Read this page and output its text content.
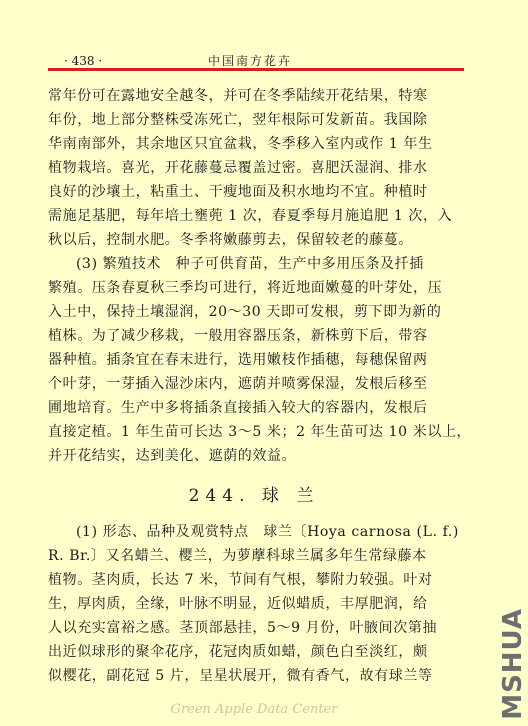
· 438 ·	中国南方花卉
常年份可在露地安全越冬，并可在冬季陆续开花结果，特寒
年份，地上部分整株受冻死亡，翌年根际可发新苗。我国除
华南南部外，其余地区只宜盆栽，冬季移入室内或作 1 年生
植物栽培。喜光，开花藤蔓忌覆盖过密。喜肥沃湿润、排水
良好的沙壤土，粘重土、干瘦地面及积水地均不宜。种植时
需施足基肥，每年培土壅蔸 1 次，春夏季每月施追肥 1 次，入
秋以后，控制水肥。冬季将嫩藤剪去，保留较老的藤蔓。
(3) 繁殖技术　种子可供育苗，生产中多用压条及扦插
繁殖。压条春夏秋三季均可进行，将近地面嫩蔓的叶芽处，压
入土中，保持土壤湿润，20～30 天即可发根，剪下即为新的
植株。为了减少移栽，一般用容器压条，新株剪下后，带容
器种植。插条宜在春末进行，选用嫩枝作插穗，每穗保留两
个叶芽，一芽插入湿沙床内，遮荫并喷雾保湿，发根后移至
圃地培育。生产中多将插条直接插入较大的容器内，发根后
直接定植。1 年生苗可长达 3～5 米；2 年生苗可达 10 米以上，
并开花结实，达到美化、遮荫的效益。
244. 球 兰
(1) 形态、品种及观赏特点　球兰〔Hoya carnosa (L. f.)
R. Br.〕又名蜡兰、樱兰，为萝藦科球兰属多年生常绿藤本
植物。茎肉质，长达 7 米，节间有气根，攀附力较强。叶对
生，厚肉质，全缘，叶脉不明显，近似蜡质，丰厚肥润，给
人以充实富裕之感。茎顶部悬挂，5～9 月份，叶腋间次第抽
出近似球形的聚伞花序，花冠肉质如蜡，颜色白至淡红，颇
似樱花，副花冠 5 片，呈星状展开，微有香气，故有球兰等	MSHUA
Green Apple Data Center
